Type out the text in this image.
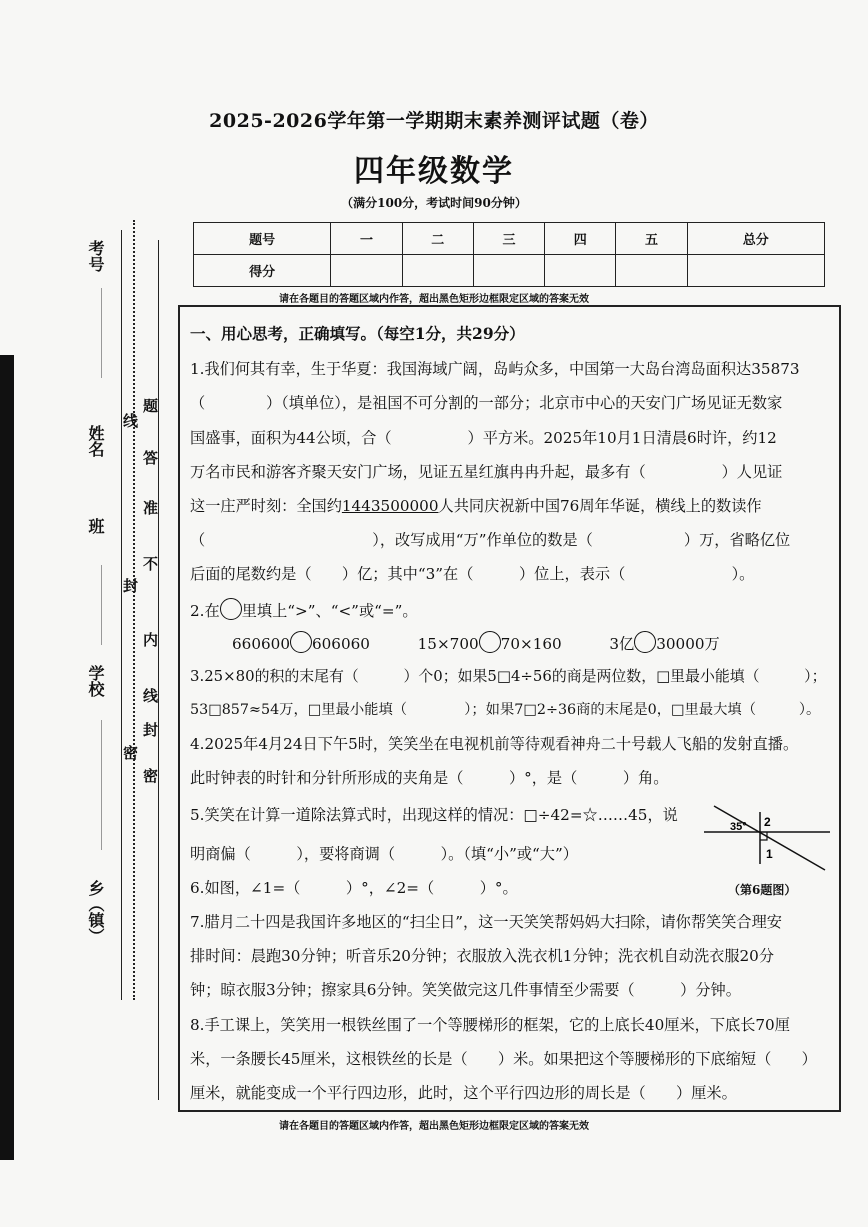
考号
姓名
班
学校
乡（镇）
题
答
准
不
内
线
封
密
线
封
密
2025-2026学年第一学期期末素养测评试题（卷）
四年级数学
（满分100分，考试时间90分钟）
题号	一	二	三	四	五	总分
得分						
请在各题目的答题区域内作答，超出黑色矩形边框限定区域的答案无效
一、用心思考，正确填写。（每空1分，共29分）
1.我们何其有幸，生于华夏：我国海域广阔，岛屿众多，中国第一大岛台湾岛面积达35873
（　　　　）（填单位），是祖国不可分割的一部分；北京市中心的天安门广场见证无数家
国盛事，面积为44公顷，合（　　　　　）平方米。2025年10月1日清晨6时许，约12
万名市民和游客齐聚天安门广场，见证五星红旗冉冉升起，最多有（　　　　　）人见证
这一庄严时刻：全国约1443500000人共同庆祝新中国76周年华诞，横线上的数读作
（　　　　　　　　　　　），改写成用“万”作单位的数是（　　　　　　）万，省略亿位
后面的尾数约是（　　）亿；其中“3”在（　　　）位上，表示（　　　　　　　）。
2.在 里填上“>”、“<”或“=”。
660600 606060	15×700 70×160	3亿 30000万
3.25×80的积的末尾有（　　　）个0；如果5□4÷56的商是两位数，□里最小能填（　　　）；
53□857≈54万，□里最小能填（　　　　）；如果7□2÷36商的末尾是0，□里最大填（　　　）。
4.2025年4月24日下午5时，笑笑坐在电视机前等待观看神舟二十号载人飞船的发射直播。
此时钟表的时针和分针所形成的夹角是（　　　）°，是（　　　）角。
5.笑笑在计算一道除法算式时，出现这样的情况：□÷42=☆……45，说
明商偏（　　　），要将商调（　　　）。（填“小”或“大”）
6.如图，∠1=（　　　）°，∠2=（　　　）°。
35° 2
1
（第6题图）
7.腊月二十四是我国许多地区的“扫尘日”，这一天笑笑帮妈妈大扫除，请你帮笑笑合理安
排时间：晨跑30分钟；听音乐20分钟；衣服放入洗衣机1分钟；洗衣机自动洗衣服20分
钟；晾衣服3分钟；擦家具6分钟。笑笑做完这几件事情至少需要（　　　）分钟。
8.手工课上，笑笑用一根铁丝围了一个等腰梯形的框架，它的上底长40厘米，下底长70厘
米，一条腰长45厘米，这根铁丝的长是（　　）米。如果把这个等腰梯形的下底缩短（　　）
厘米，就能变成一个平行四边形，此时，这个平行四边形的周长是（　　）厘米。
请在各题目的答题区域内作答，超出黑色矩形边框限定区域的答案无效
